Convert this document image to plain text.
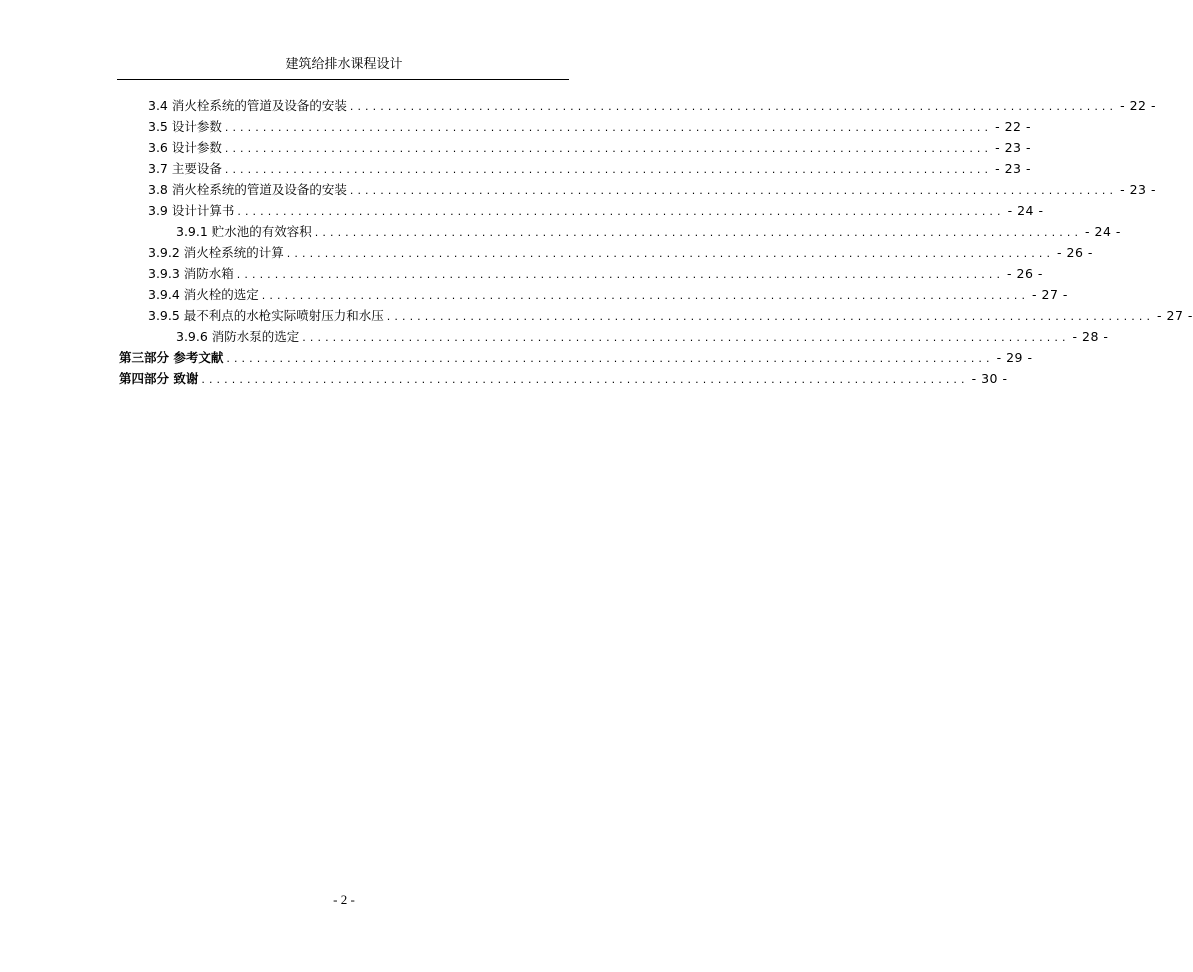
建筑给排水课程设计
3.4 消火栓系统的管道及设备的安装 ..................................................................................................... - 22 -
3.5 设计参数 ..................................................................................................... - 22 -
3.6 设计参数 ..................................................................................................... - 23 -
3.7 主要设备 ..................................................................................................... - 23 -
3.8 消火栓系统的管道及设备的安装 ..................................................................................................... - 23 -
3.9 设计计算书 ..................................................................................................... - 24 -
3.9.1 贮水池的有效容积 ..................................................................................................... - 24 -
3.9.2 消火栓系统的计算 ..................................................................................................... - 26 -
3.9.3 消防水箱 ..................................................................................................... - 26 -
3.9.4 消火栓的选定 ..................................................................................................... - 27 -
3.9.5 最不利点的水枪实际喷射压力和水压 ..................................................................................................... - 27 -
3.9.6 消防水泵的选定 ..................................................................................................... - 28 -
第三部分 参考文献 ..................................................................................................... - 29 -
第四部分 致谢 ..................................................................................................... - 30 -
- 2 -
